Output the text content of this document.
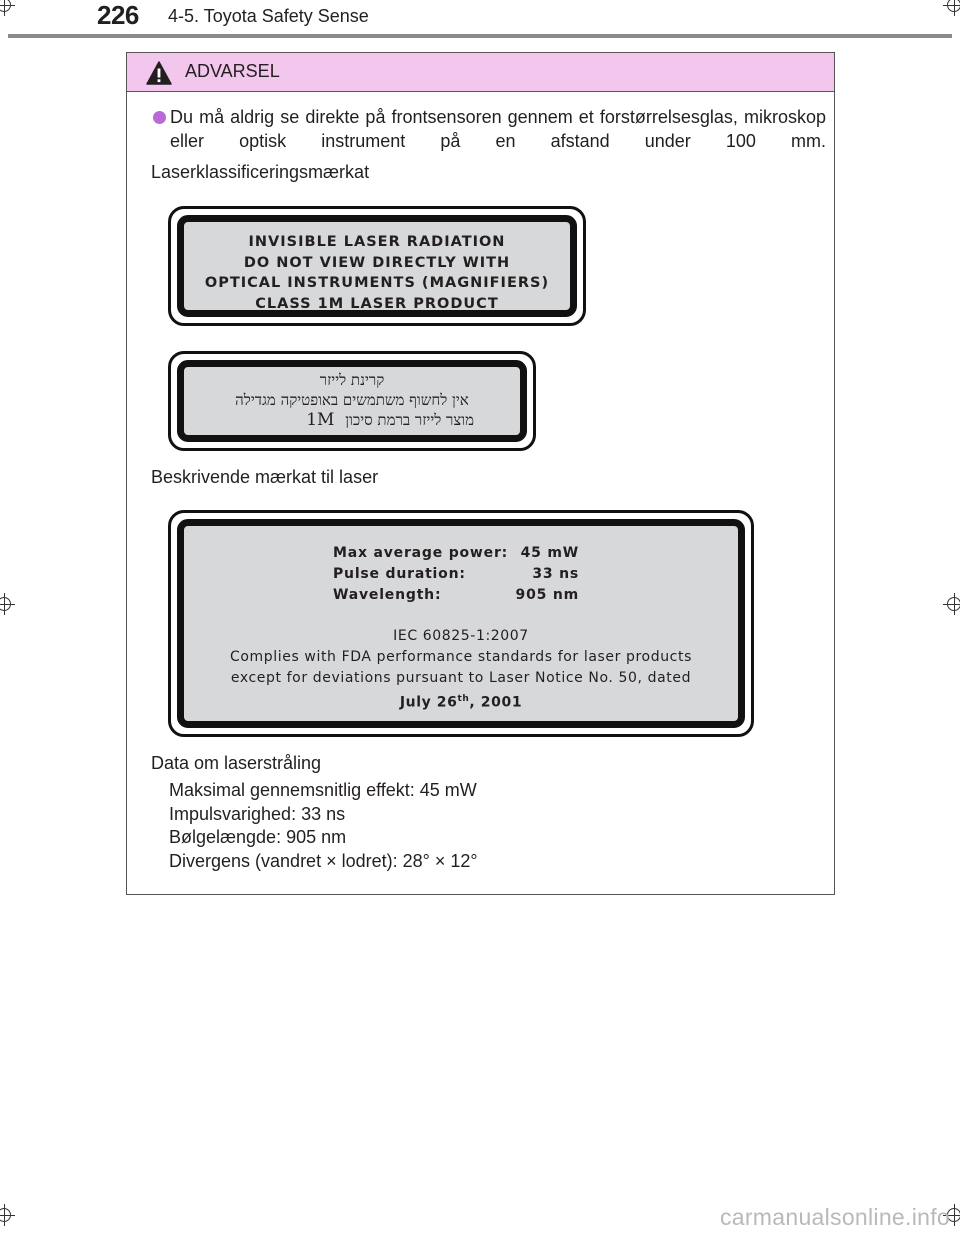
226 4-5. Toyota Safety Sense
ADVARSEL
Du må aldrig se direkte på frontsensoren gennem et forstørrelsesglas, mikroskop eller optisk instrument på en afstand under 100 mm.
Laserklassificeringsmærkat
Beskrivende mærkat til laser
Data om laserstråling
Maksimal gennemsnitlig effekt: 45 mW
Impulsvarighed: 33 ns
Bølgelængde: 905 nm
Divergens (vandret × lodret): 28° × 12°
INVISIBLE LASER RADIATION
DO NOT VIEW DIRECTLY WITH
OPTICAL INSTRUMENTS (MAGNIFIERS)
CLASS 1M LASER PRODUCT
קרינת לייזר
אין לחשוף משתמשים באופטיקה מגדילה
מוצר לייזר ברמת סיכון 1M
Max average power: 45 mW
Pulse duration:	33 ns
Wavelength:	905 nm
IEC 60825-1:2007
Complies with FDA performance standards for laser products
except for deviations pursuant to Laser Notice No. 50, dated
July 26th, 2001
carmanualsonline.info
